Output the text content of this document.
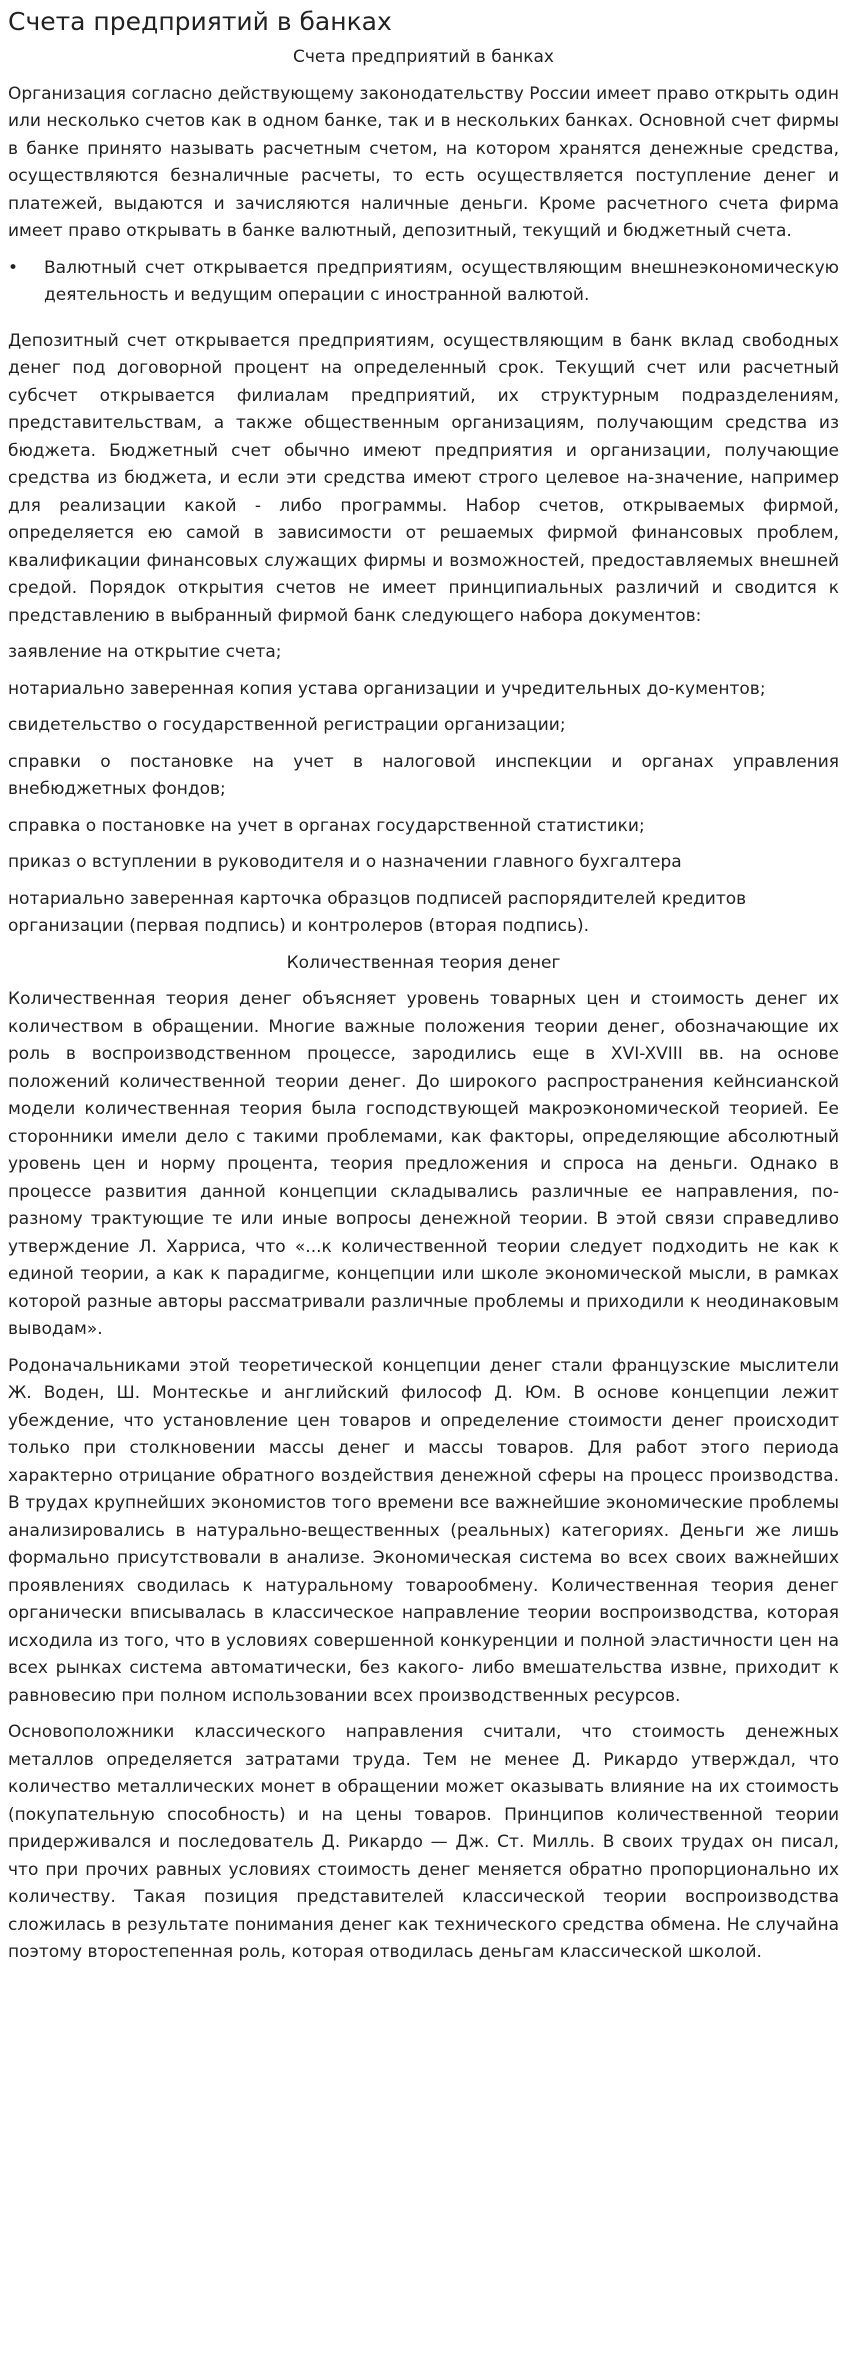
Счета предприятий в банках

Счета предприятий в банках

Организация согласно действующему законодательству России имеет право открыть один или несколько счетов как в одном банке, так и в нескольких банках. Основной счет фирмы в банке принято называть расчетным счетом, на котором хранятся денежные средства, осуществляются безналичные расчеты, то есть осуществляется поступление денег и платежей, выдаются и зачисляются наличные деньги. Кроме расчетного счета фирма имеет право открывать в банке валютный, депозитный, текущий и бюджетный счета.

•	Валютный счет открывается предприятиям, осуществляющим внешнеэкономическую деятельность и ведущим операции с иностранной валютой.

Депозитный счет открывается предприятиям, осуществляющим в банк вклад свободных денег под договорной процент на определенный срок. Текущий счет или расчетный субсчет открывается филиалам предприятий, их структурным подразделениям, представительствам, а также общественным организациям, получающим средства из бюджета. Бюджетный счет обычно имеют предприятия и организации, получающие средства из бюджета, и если эти средства имеют строго целевое на-значение, например для реализации какой - либо программы. Набор счетов, открываемых фирмой, определяется ею самой в зависимости от решаемых фирмой финансовых проблем, квалификации финансовых служащих фирмы и возможностей, предоставляемых внешней средой. Порядок открытия счетов не имеет принципиальных различий и сводится к представлению в выбранный фирмой банк следующего набора документов:

заявление на открытие счета;

нотариально заверенная копия устава организации и учредительных до-кументов;

свидетельство о государственной регистрации организации;

справки о постановке на учет в налоговой инспекции и органах управления внебюджетных фондов;

справка о постановке на учет в органах государственной статистики;

приказ о вступлении в руководителя и о назначении главного бухгалтера

нотариально заверенная карточка образцов подписей распорядителей кредитов организации (первая подпись) и контролеров (вторая подпись).

Количественная теория денег

Количественная теория денег объясняет уровень товарных цен и стоимость денег их количеством в обращении. Многие важные положения теории денег, обозначающие их роль в воспроизводственном процессе, зародились еще в XVI-XVIII вв. на основе положений количественной теории денег. До широкого распространения кейнсианской модели количественная теория была господствующей макроэкономической теорией. Ее сторонники имели дело с такими проблемами, как факторы, определяющие абсолютный уровень цен и норму процента, теория предложения и спроса на деньги. Однако в процессе развития данной концепции складывались различные ее направления, по-разному трактующие те или иные вопросы денежной теории. В этой связи справедливо утверждение Л. Харриса, что «...к количественной теории следует подходить не как к единой теории, а как к парадигме, концепции или школе экономической мысли, в рамках которой разные авторы рассматривали различные проблемы и приходили к неодинаковым выводам».

Родоначальниками этой теоретической концепции денег стали французские мыслители Ж. Воден, Ш. Монтескье и английский философ Д. Юм. В основе концепции лежит убеждение, что установление цен товаров и определение стоимости денег происходит только при столкновении массы денег и массы товаров. Для работ этого периода характерно отрицание обратного воздействия денежной сферы на процесс производства. В трудах крупнейших экономистов того времени все важнейшие экономические проблемы анализировались в натурально-вещественных (реальных) категориях. Деньги же лишь формально присутствовали в анализе. Экономическая система во всех своих важнейших проявлениях сводилась к натуральному товарообмену. Количественная теория денег органически вписывалась в классическое направление теории воспроизводства, которая исходила из того, что в условиях совершенной конкуренции и полной эластичности цен на всех рынках система автоматически, без какого- либо вмешательства извне, приходит к равновесию при полном использовании всех производственных ресурсов.

Основоположники классического направления считали, что стоимость денежных металлов определяется затратами труда. Тем не менее Д. Рикардо утверждал, что количество металлических монет в обращении может оказывать влияние на их стоимость (покупательную способность) и на цены товаров. Принципов количественной теории придерживался и последователь Д. Рикардо — Дж. Ст. Милль. В своих трудах он писал, что при прочих равных условиях стоимость денег меняется обратно пропорционально их количеству. Такая позиция представителей классической теории воспроизводства сложилась в результате понимания денег как технического средства обмена. Не случайна поэтому второстепенная роль, которая отводилась деньгам классической школой.
